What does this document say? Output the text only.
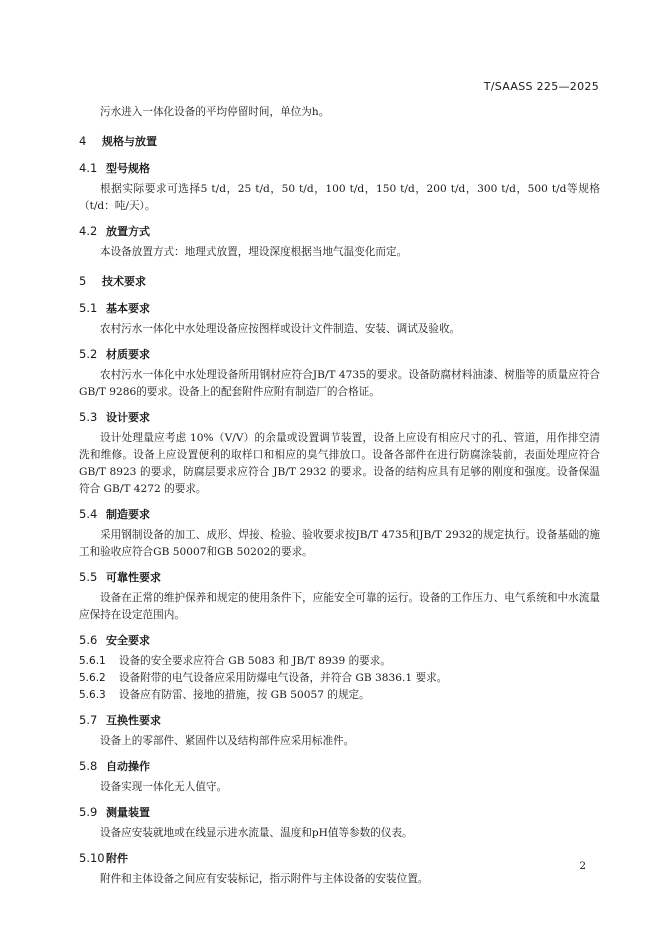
T/SAASS 225—2025

污水进入一体化设备的平均停留时间，单位为h。

4 规格与放置
4.1 型号规格

根据实际要求可选择5 t/d，25 t/d，50 t/d，100 t/d，150 t/d，200 t/d，300 t/d，500 t/d等规格（t/d：吨/天）。

4.2 放置方式

本设备放置方式：地理式放置，埋设深度根据当地气温变化而定。

5 技术要求
5.1 基本要求

农村污水一体化中水处理设备应按图样或设计文件制造、安装、调试及验收。

5.2 材质要求

农村污水一体化中水处理设备所用钢材应符合JB/T 4735的要求。设备防腐材料油漆、树脂等的质量应符合GB/T 9286的要求。设备上的配套附件应附有制造厂的合格证。

5.3 设计要求

设计处理量应考虑 10%（V/V）的余量或设置调节装置，设备上应设有相应尺寸的孔、管道，用作排空清洗和维修。设备上应设置便利的取样口和相应的臭气排放口。设备各部件在进行防腐涂装前，表面处理应符合 GB/T 8923 的要求，防腐层要求应符合 JB/T 2932 的要求。设备的结构应具有足够的刚度和强度。设备保温符合 GB/T 4272 的要求。

5.4 制造要求

采用钢制设备的加工、成形、焊接、检验、验收要求按JB/T 4735和JB/T 2932的规定执行。设备基础的施工和验收应符合GB 50007和GB 50202的要求。

5.5 可靠性要求

设备在正常的维护保养和规定的使用条件下，应能安全可靠的运行。设备的工作压力、电气系统和中水流量应保持在设定范围内。

5.6 安全要求

5.6.1 设备的安全要求应符合 GB 5083 和 JB/T 8939 的要求。

5.6.2 设备附带的电气设备应采用防爆电气设备，并符合 GB 3836.1 要求。

5.6.3 设备应有防雷、接地的措施，按 GB 50057 的规定。

5.7 互换性要求

设备上的零部件、紧固件以及结构部件应采用标准件。

5.8 自动操作

设备实现一体化无人值守。

5.9 测量装置

设备应安装就地或在线显示进水流量、温度和pH值等参数的仪表。

5.10附件

附件和主体设备之间应有安装标记，指示附件与主体设备的安装位置。

2
